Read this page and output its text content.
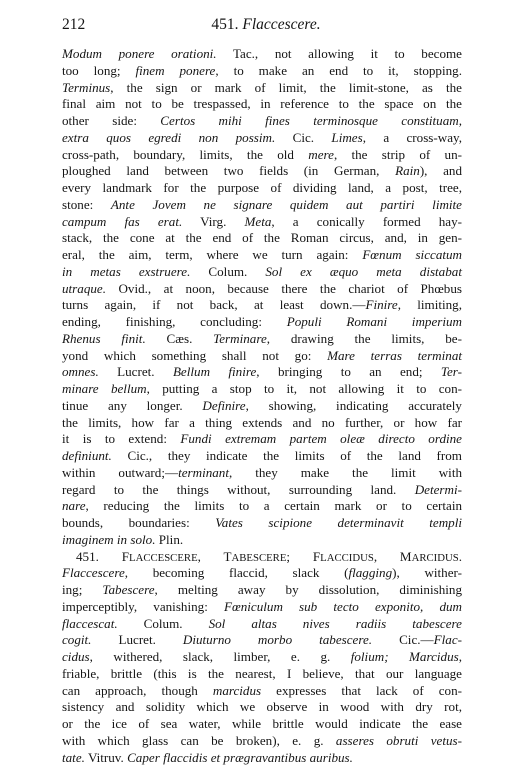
212	451. Flaccescere.
Modum ponere orationi. Tac., not allowing it to become
too long; finem ponere, to make an end to it, stopping.
Terminus, the sign or mark of limit, the limit-stone, as the
final aim not to be trespassed, in reference to the space on the
other side: Certos mihi fines terminosque constituam,
extra quos egredi non possim. Cic. Limes, a cross-way,
cross-path, boundary, limits, the old mere, the strip of un-
ploughed land between two fields (in German, Rain), and
every landmark for the purpose of dividing land, a post, tree,
stone: Ante Jovem ne signare quidem aut partiri limite
campum fas erat. Virg. Meta, a conically formed hay-
stack, the cone at the end of the Roman circus, and, in gen-
eral, the aim, term, where we turn again: Fœnum siccatum
in metas exstruere. Colum. Sol ex æquo meta distabat
utraque. Ovid., at noon, because there the chariot of Phœbus
turns again, if not back, at least down.—Finire, limiting,
ending, finishing, concluding: Populi Romani imperium
Rhenus finit. Cæs. Terminare, drawing the limits, be-
yond which something shall not go: Mare terras terminat
omnes. Lucret. Bellum finire, bringing to an end; Ter-
minare bellum, putting a stop to it, not allowing it to con-
tinue any longer. Definire, showing, indicating accurately
the limits, how far a thing extends and no further, or how far
it is to extend: Fundi extremam partem oleæ directo ordine
definiunt. Cic., they indicate the limits of the land from
within outward;—terminant, they make the limit with
regard to the things without, surrounding land. Determi-
nare, reducing the limits to a certain mark or to certain
bounds, boundaries: Vates scipione determinavit templi
imaginem in solo. Plin.
451. FLACCESCERE, TABESCERE; FLACCIDUS, MARCIDUS.
Flaccescere, becoming flaccid, slack (flagging), wither-
ing; Tabescere, melting away by dissolution, diminishing
imperceptibly, vanishing: Fœniculum sub tecto exponito, dum
flaccescat. Colum. Sol altas nives radiis tabescere
cogit. Lucret. Diuturno morbo tabescere. Cic.—Flac-
cidus, withered, slack, limber, e. g. folium; Marcidus,
friable, brittle (this is the nearest, I believe, that our language
can approach, though marcidus expresses that lack of con-
sistency and solidity which we observe in wood with dry rot,
or the ice of sea water, while brittle would indicate the ease
with which glass can be broken), e. g. asseres obruti vetus-
tate. Vitruv. Caper flaccidis et prægravantibus auribus.
